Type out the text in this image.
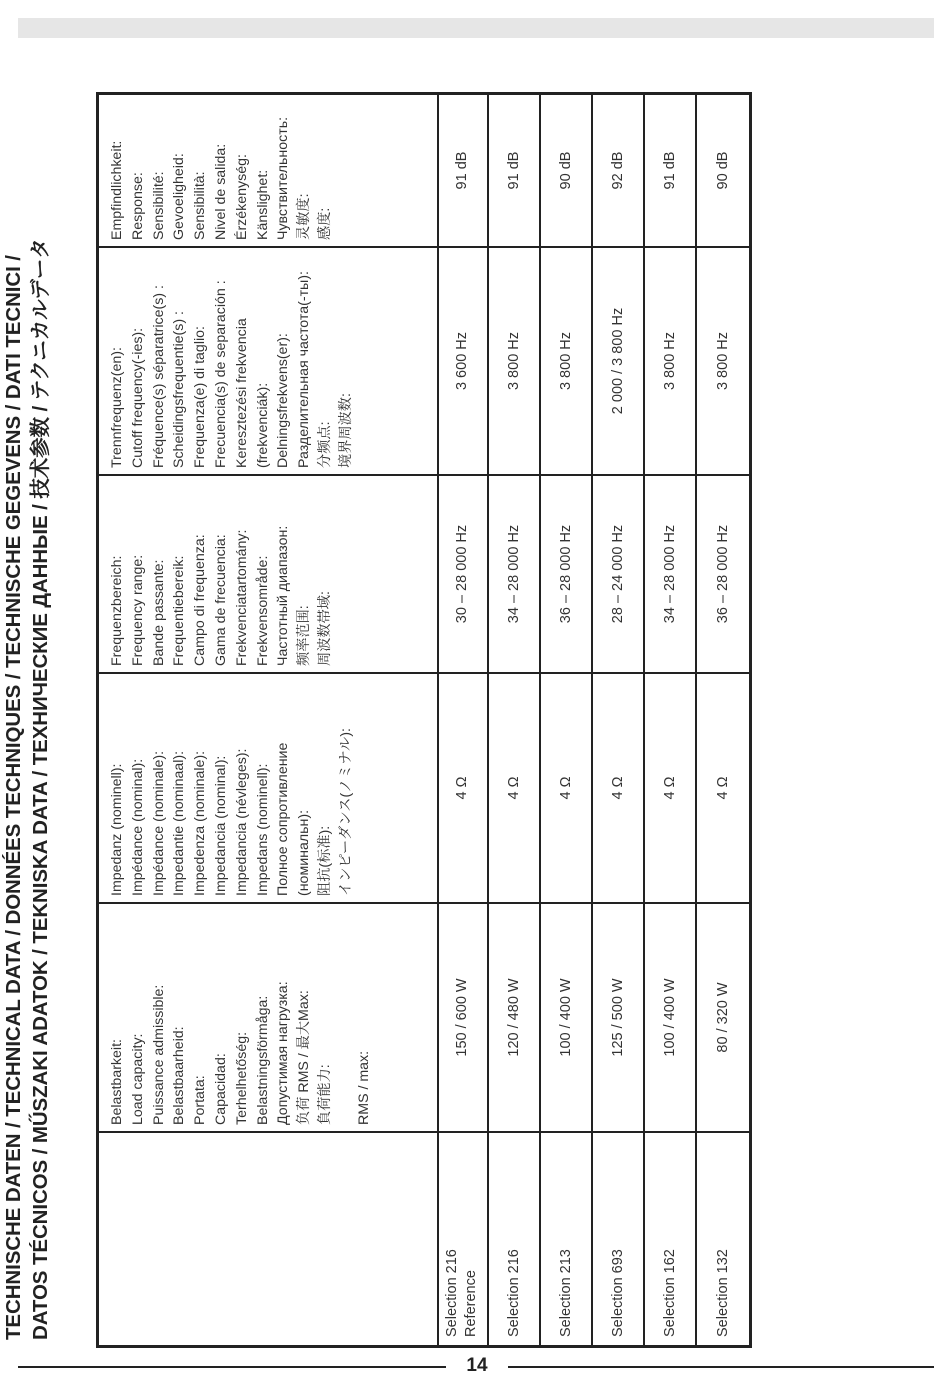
TECHNISCHE DATEN / TECHNICAL DATA / DONNÉES TECHNIQUES / TECHNISCHE GEGEVENS / DATI TECNICI / DATOS TÉCNICOS / MŰSZAKI ADATOK / TEKNISKA DATA / ТЕХНИЧЕСКИЕ ДАННЫЕ / 技术参数 / テクニカルデータ	Belastbarkeit: Load capacity: Puissance admissible: Belastbaarheid: Portata: Capacidad: Terhelhetőség: Belastningsförmåga: Допустимая нагрузка: 负荷 RMS / 最大Max: 負荷能力: RMS / max:
Impedanz (nominell): Impédance (nominal): Impédance (nominale): Impedantie (nominaal): Impedenza (nominale): Impedancia (nominal): Impedancia (névleges): Impedans (nominell): Полное сопротивление (номинальн): 阻抗(标准): インピーダンス(ノミナル):
Frequenzbereich: Frequency range: Bande passante: Frequentiebereik: Campo di frequenza: Gama de frecuencia: Frekvenciatartomány: Frekvensområde: Частотный диапазон: 频率范围: 周波数帯域:
Trennfrequenz(en): Cutoff frequency(-ies): Fréquence(s) séparatrice(s) : Scheidingsfrequentie(s) : Frequenza(e) di taglio: Frecuencia(s) de separación : Keresztezési frekvencia (frekvenciák): Delningsfrekvens(er): Разделительная частота(-ты): 分频点: 境界周波数:
Empfindlichkeit: Response: Sensibilité: Gevoeligheid: Sensibilità: Nivel de salida: Érzékenység: Känslighet: Чувствительность: 灵敏度: 感度:
Selection 216 Reference
150 / 600 W
4 Ω
30 – 28 000 Hz
3 600 Hz
91 dB
Selection 216
120 / 480 W
4 Ω
34 – 28 000 Hz
3 800 Hz
91 dB
Selection 213
100 / 400 W
4 Ω
36 – 28 000 Hz
3 800 Hz
90 dB
Selection 693
125 / 500 W
4 Ω
28 – 24 000 Hz
2 000 / 3 800 Hz
92 dB
Selection 162
100 / 400 W
4 Ω
34 – 28 000 Hz
3 800 Hz
91 dB
Selection 132
80 / 320 W
4 Ω
36 – 28 000 Hz
3 800 Hz
90 dB
14
